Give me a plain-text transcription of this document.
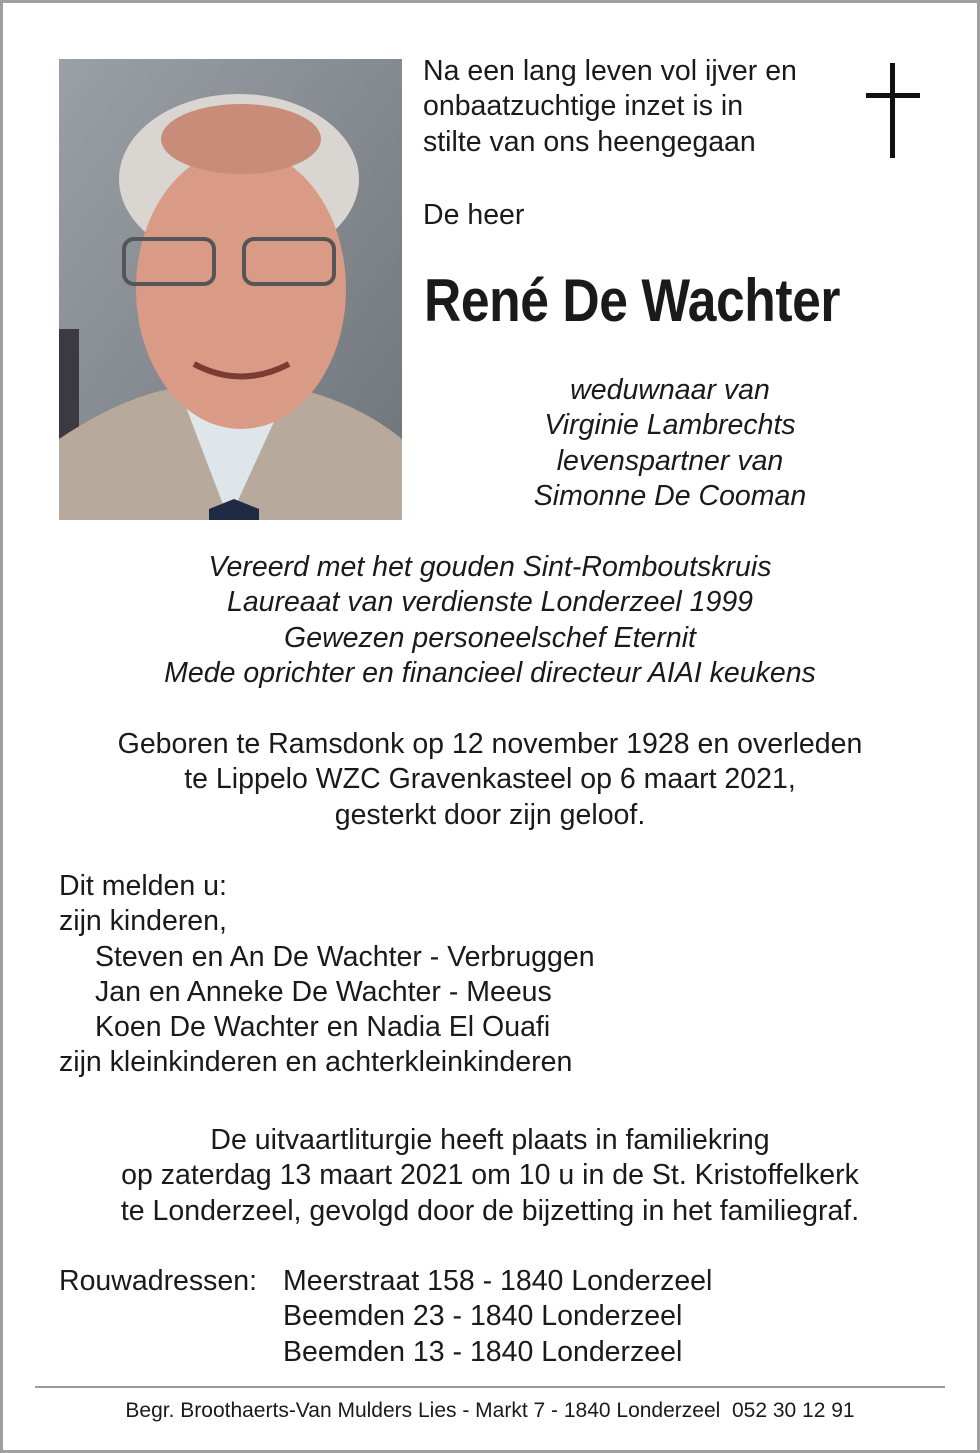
Na een lang leven vol ijver en
onbaatzuchtige inzet is in
stilte van ons heengegaan
De heer
René De Wachter
weduwnaar van
Virginie Lambrechts
levenspartner van
Simonne De Cooman
Vereerd met het gouden Sint-Romboutskruis
Laureaat van verdienste Londerzeel 1999
Gewezen personeelschef Eternit
Mede oprichter en financieel directeur AIAI keukens
Geboren te Ramsdonk op 12 november 1928 en overleden
te Lippelo WZC Gravenkasteel op 6 maart 2021,
gesterkt door zijn geloof.
Dit melden u:
zijn kinderen,
Steven en An De Wachter - Verbruggen
Jan en Anneke De Wachter - Meeus
Koen De Wachter en Nadia El Ouafi
zijn kleinkinderen en achterkleinkinderen
De uitvaartliturgie heeft plaats in familiekring
op zaterdag 13 maart 2021 om 10 u in de St. Kristoffelkerk
te Londerzeel, gevolgd door de bijzetting in het familiegraf.
Rouwadressen: Meerstraat 158 - 1840 Londerzeel
Beemden 23 - 1840 Londerzeel
Beemden 13 - 1840 Londerzeel
Begr. Broothaerts-Van Mulders Lies - Markt 7 - 1840 Londerzeel  052 30 12 91
